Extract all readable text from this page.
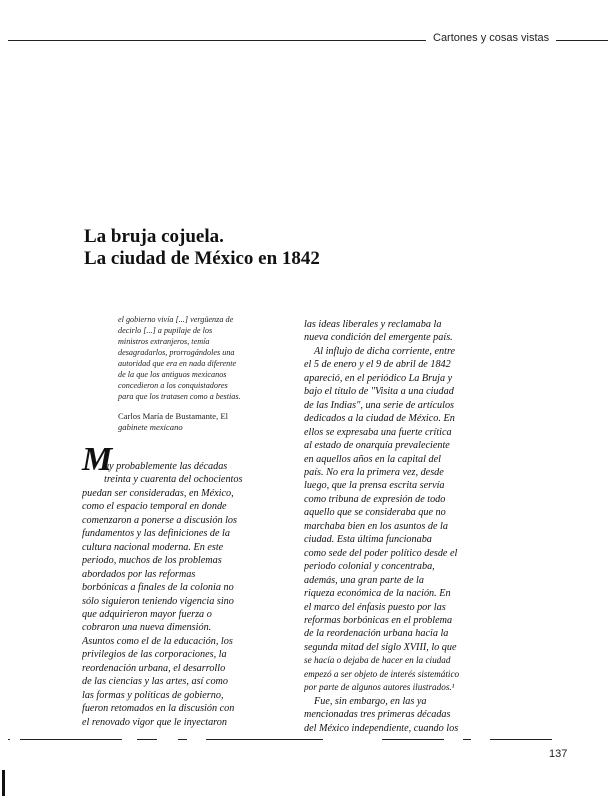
Cartones y cosas vistas
La bruja cojuela.
La ciudad de México en 1842
el gobierno vivía [...] vergüenza de
decirlo [...] a pupilaje de los
ministros extranjeros, temía
desagradarlos, prorrogándoles una
autoridad que era en nada diferente
de la que los antiguos mexicanos
concedieron a los conquistadores
para que los tratasen como a bestias.
Carlos María de Bustamante, El
gabinete mexicano
M
uy probablemente las décadas
treinta y cuarenta del ochocientos
puedan ser consideradas, en México,
como el espacio temporal en donde
comenzaron a ponerse a discusión los
fundamentos y las definiciones de la
cultura nacional moderna. En este
periodo, muchos de los problemas
abordados por las reformas
borbónicas a finales de la colonia no
sólo siguieron teniendo vigencia sino
que adquirieron mayor fuerza o
cobraron una nueva dimensión.
Asuntos como el de la educación, los
privilegios de las corporaciones, la
reordenación urbana, el desarrollo
de las ciencias y las artes, así como
las formas y políticas de gobierno,
fueron retomados en la discusión con
el renovado vigor que le inyectaron
las ideas liberales y reclamaba la
nueva condición del emergente país.
Al influjo de dicha corriente, entre
el 5 de enero y el 9 de abril de 1842
apareció, en el periódico La Bruja y
bajo el título de "Visita a una ciudad
de las Indias", una serie de artículos
dedicados a la ciudad de México. En
ellos se expresaba una fuerte crítica
al estado de onarquía prevaleciente
en aquellos años en la capital del
país. No era la primera vez, desde
luego, que la prensa escrita servía
como tribuna de expresión de todo
aquello que se consideraba que no
marchaba bien en los asuntos de la
ciudad. Esta última funcionaba
como sede del poder político desde el
periodo colonial y concentraba,
además, una gran parte de la
riqueza económica de la nación. En
el marco del énfasis puesto por las
reformas borbónicas en el problema
de la reordenación urbana hacia la
segunda mitad del siglo XVIII, lo que
se hacía o dejaba de hacer en la ciudad
empezó a ser objeto de interés sistemático
por parte de algunos autores ilustrados.¹
Fue, sin embargo, en las ya
mencionadas tres primeras décadas
del México independiente, cuando los
137
